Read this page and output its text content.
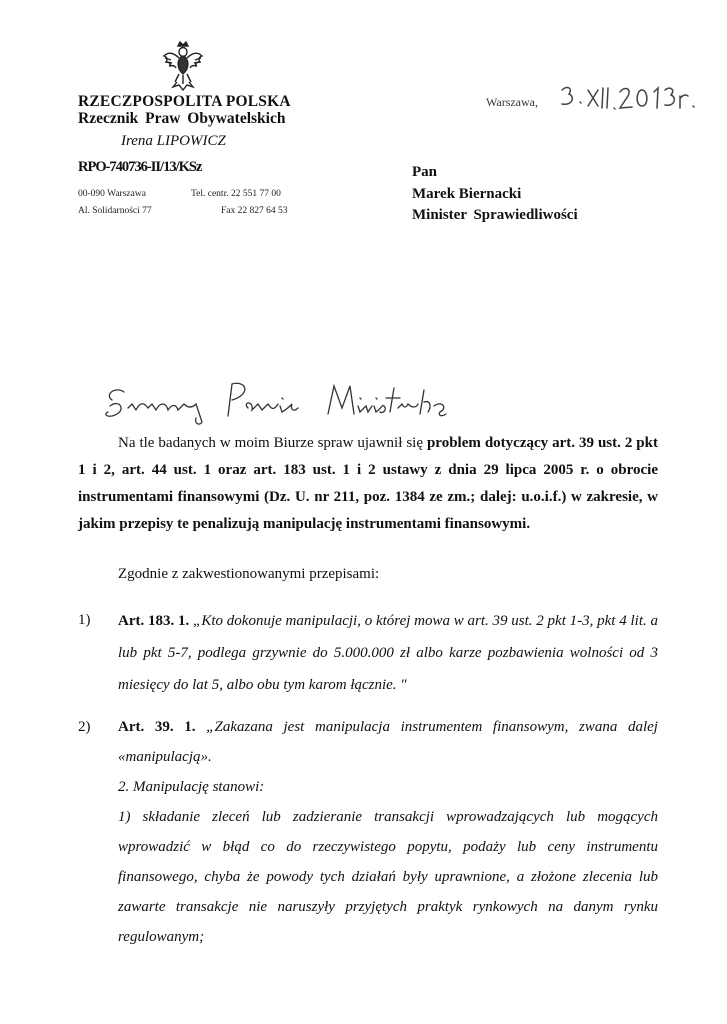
RZECZPOSPOLITA POLSKA
Rzecznik Praw Obywatelskich
Irena LIPOWICZ
RPO-740736-II/13/KSz
00-090 Warszawa
Al. Solidarności 77
Tel. centr. 22 551 77 00
Fax 22 827 64 53
Warszawa,
Pan
Marek Biernacki
Minister Sprawiedliwości
Na tle badanych w moim Biurze spraw ujawnił się problem dotyczący art. 39 ust. 2 pkt 1 i 2, art. 44 ust. 1 oraz art. 183 ust. 1 i 2 ustawy z dnia 29 lipca 2005 r. o obrocie instrumentami finansowymi (Dz. U. nr 211, poz. 1384 ze zm.; dalej: u.o.i.f.) w zakresie, w jakim przepisy te penalizują manipulację instrumentami finansowymi.
Zgodnie z zakwestionowanymi przepisami:
1) Art. 183. 1. „Kto dokonuje manipulacji, o której mowa w art. 39 ust. 2 pkt 1-3, pkt 4 lit. a lub pkt 5-7, podlega grzywnie do 5.000.000 zł albo karze pozbawienia wolności od 3 miesięcy do lat 5, albo obu tym karom łącznie. "
2) Art. 39. 1. „Zakazana jest manipulacja instrumentem finansowym, zwana dalej «manipulacją».
2. Manipulację stanowi:
1) składanie zleceń lub zadzieranie transakcji wprowadzających lub mogących wprowadzić w błąd co do rzeczywistego popytu, podaży lub ceny instrumentu finansowego, chyba że powody tych działań były uprawnione, a złożone zlecenia lub zawarte transakcje nie naruszyły przyjętych praktyk rynkowych na danym rynku regulowanym;
